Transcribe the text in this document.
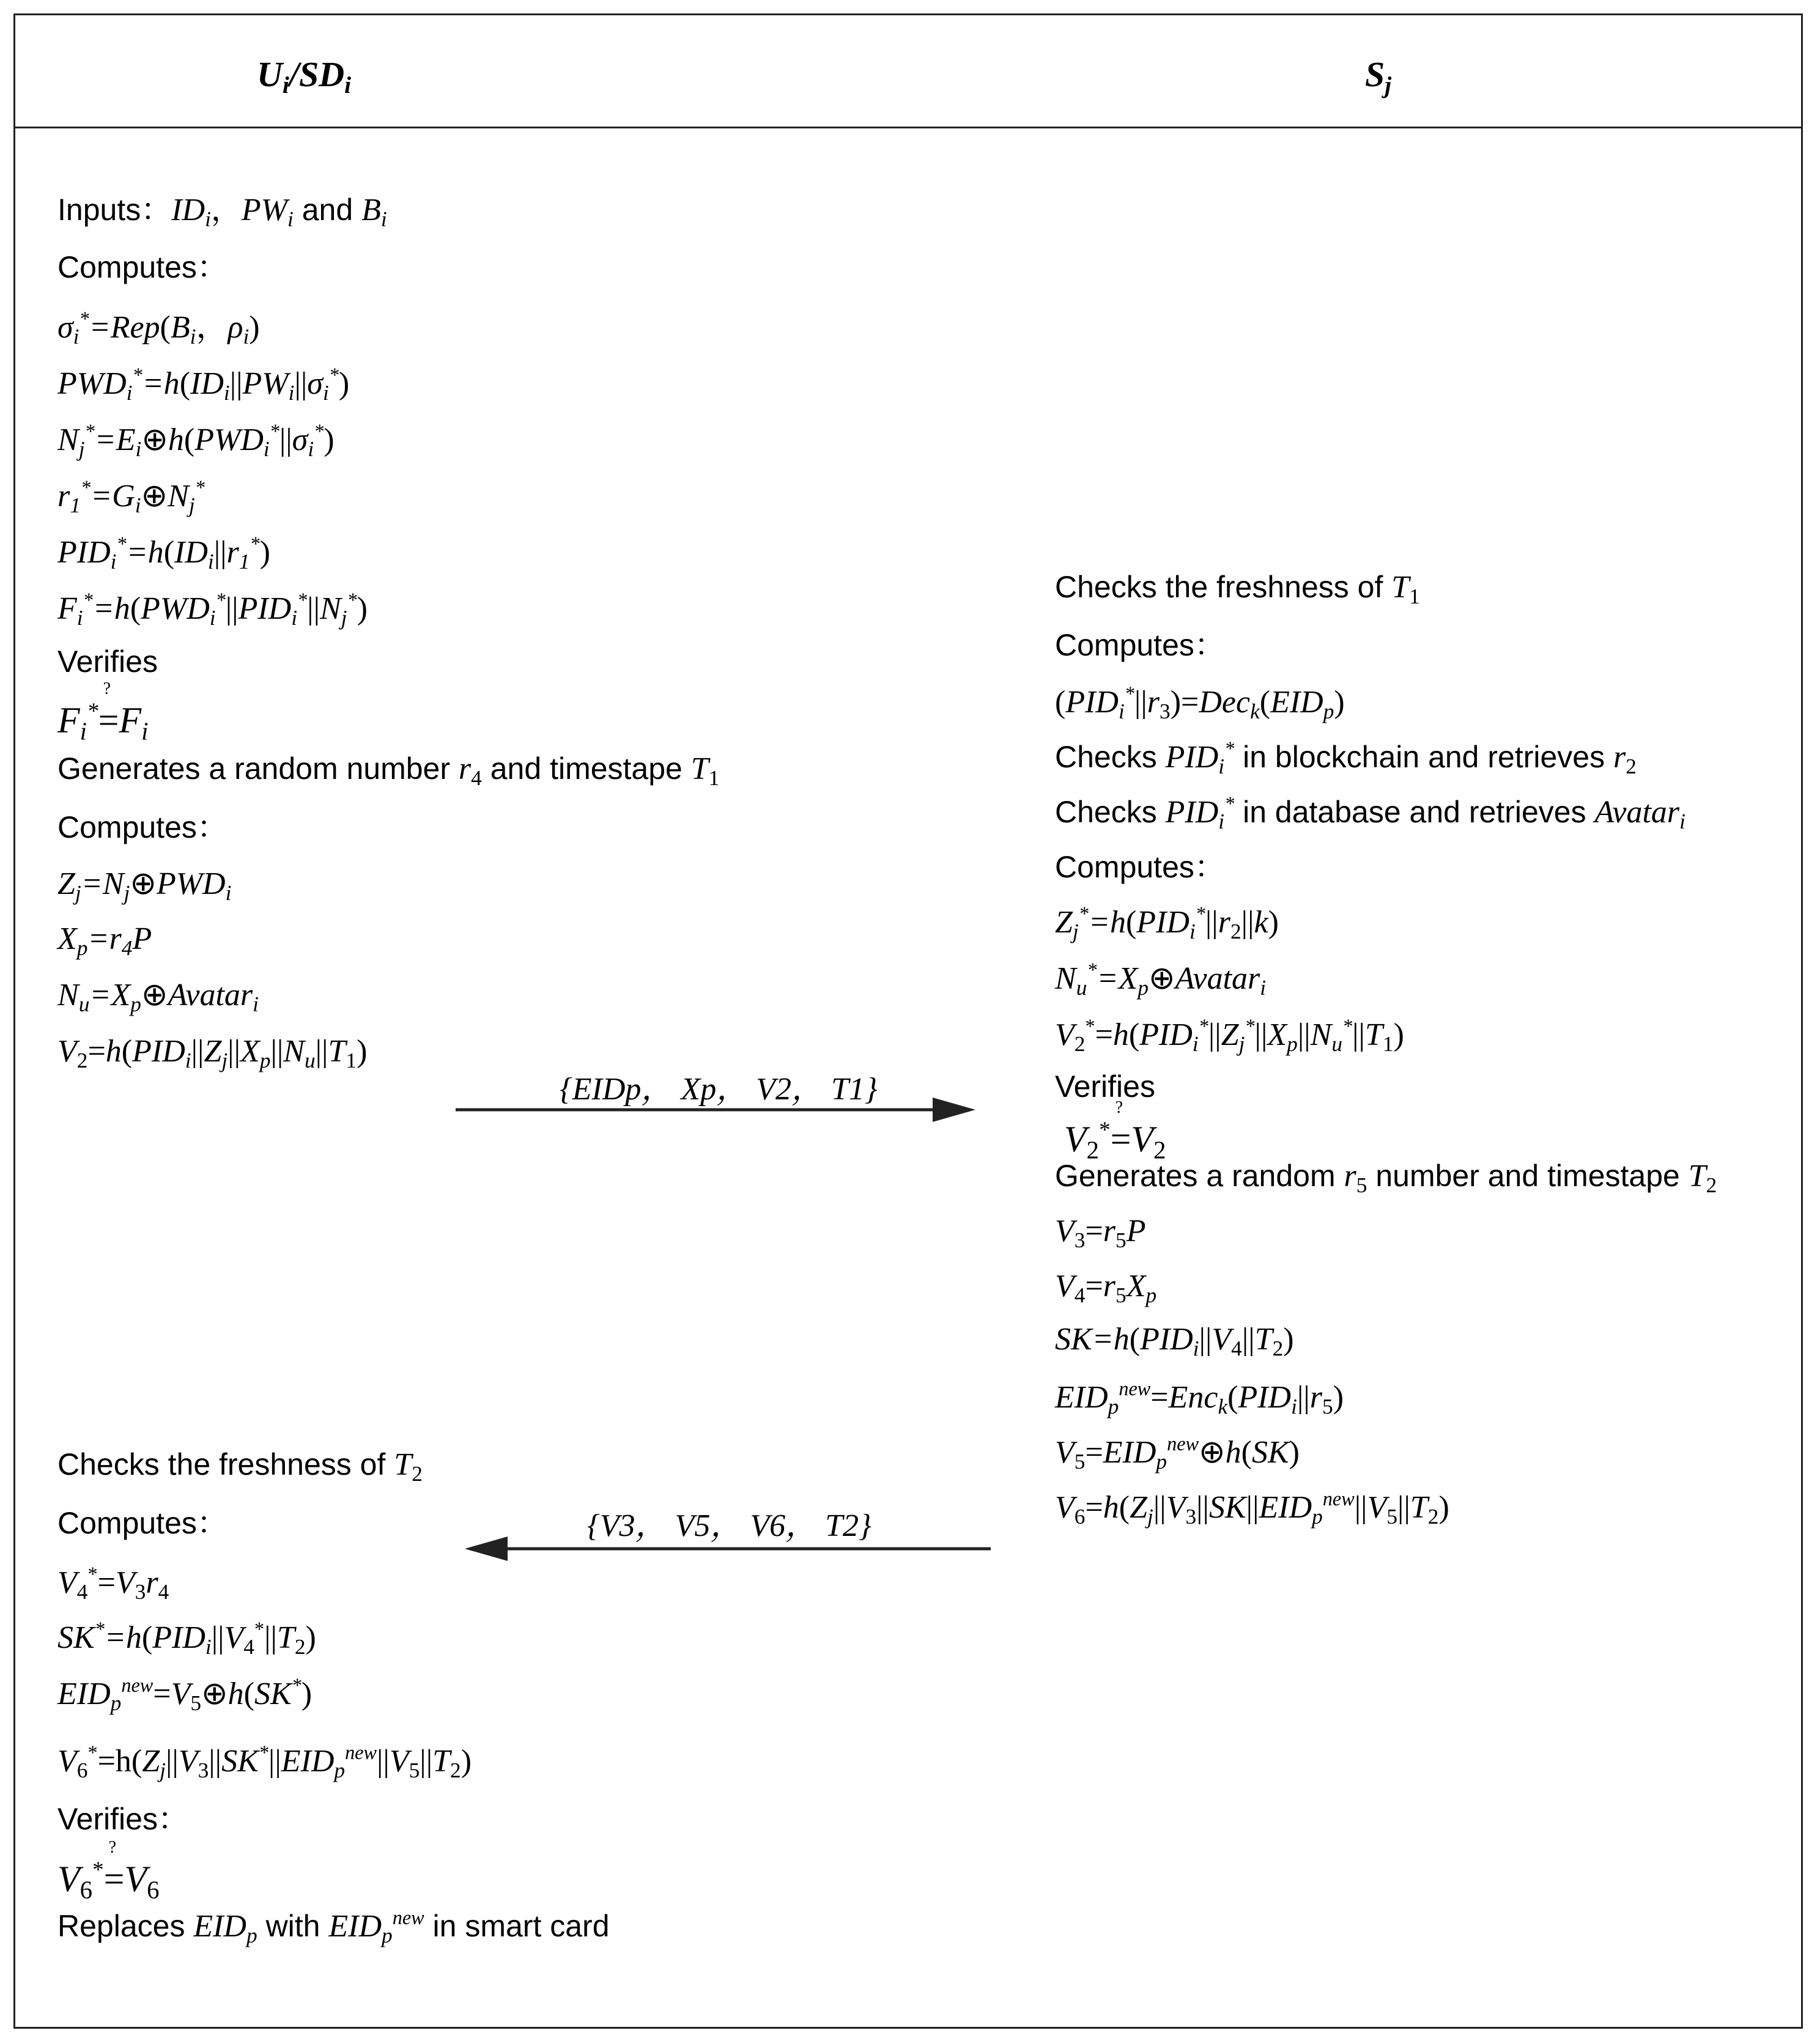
$U_i/SD_i$	$S_j$
Inputs：$ID_i$，$PW_i$ and $B_i$
Computes：
$\sigma_i^*=Rep(B_i$，$\rho_i$)
$PWD_i^*=h(ID_i||PW_i||\sigma_i^*)$
$N_j^*=E_i\oplus h(PWD_i^*||\sigma_i^*)$
$r_1^*=G_i\oplus N_j^*$
$PID_i^*=h(ID_i||r_1^*)$
$F_i^*=h(PWD_i^*||PID_i^*||N_j^*)$
Verifies
$F_i^*$
?
$=F_i$
Generates a random number $r_4$ and timestape $T_1$
Computes：
$Z_j=N_j\oplus PWD_i$
$X_p=r_4P$
$N_u=X_p\oplus Avatar_i$
$V_2=h(PID_i||Z_j||X_p||N_u||T_1)$
Checks the freshness of $T_2$
Computes：
$V_4^*=V_3r_4$
$SK^*=h(PID_i||V_4^*||T_2)$
$EID_p^{new}=V_5\oplus h(SK^*)$
$V_6^*=h(Z_j||V_3||SK^*||EID_p^{new}||V_5||T_2)$
Verifies：
$V_6^*$
?
$=V_6$
Replaces $EID_p$ with $EID_p^{new}$ in smart card
Checks the freshness of $T_1$
Computes：
$(PID_i^*||r_3)=Dec_k(EID_p)$
Checks $PID_i^*$ in blockchain and retrieves $r_2$
Checks $PID_i^*$ in database and retrieves Avatar$_i$
Computes：
$Z_j^*=h(PID_i^*||r_2||k)$
$N_u^*=X_p\oplus Avatar_i$
$V_2^*=h(PID_i^*||Z_j^*||X_p||N_u^*||T_1)$
Verifies
$V_2^*$
?
$=V_2$
Generates a random $r_5$ number and timestape $T_2$
$V_3=r_5P$
$V_4=r_5X_p$
$SK=h(PID_i||V_4||T_2)$
$EID_p^{new}=Enc_k(PID_i||r_5)$
$V_5=EID_p^{new}\oplus h(SK)$
$V_6=h(Z_j||V_3||SK||EID_p^{new}||V_5||T_2)$
{EIDp， Xp， V2， T1}
{V3， V5， V6， T2}
